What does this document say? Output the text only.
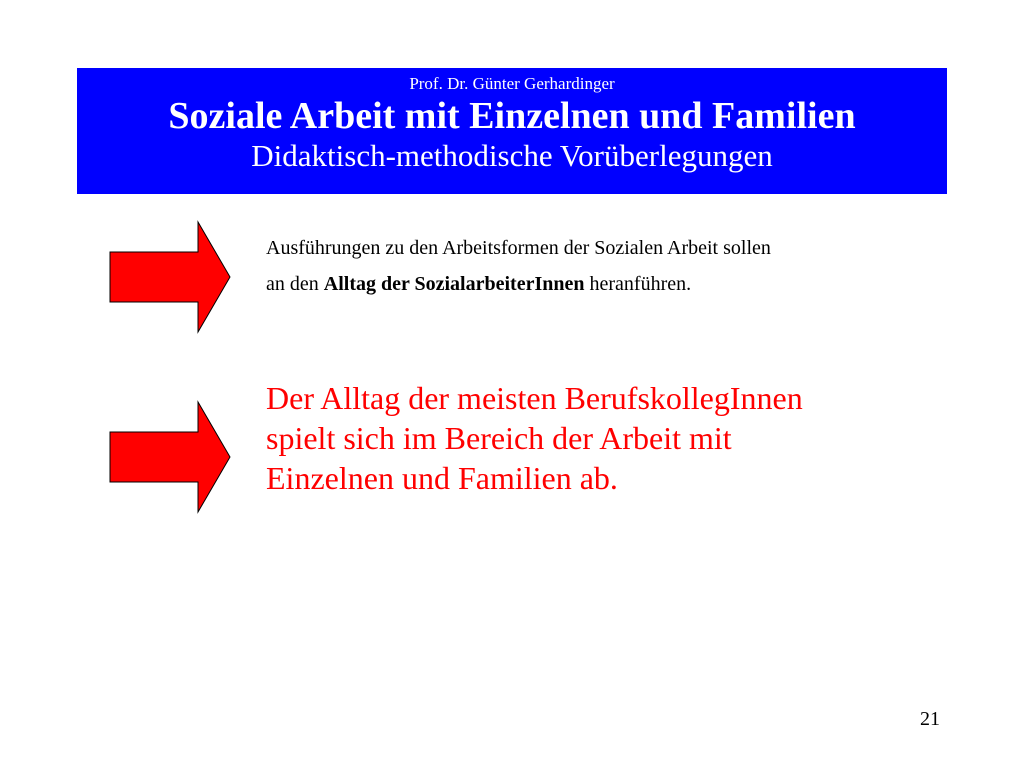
Prof. Dr. Günter Gerhardinger
Soziale Arbeit mit Einzelnen und Familien
Didaktisch-methodische Vorüberlegungen
Ausführungen zu den Arbeitsformen der Sozialen Arbeit sollen
an den Alltag der SozialarbeiterInnen heranführen.
Der Alltag der meisten BerufskollegInnen
spielt sich im Bereich der Arbeit mit
Einzelnen und Familien ab.
21
